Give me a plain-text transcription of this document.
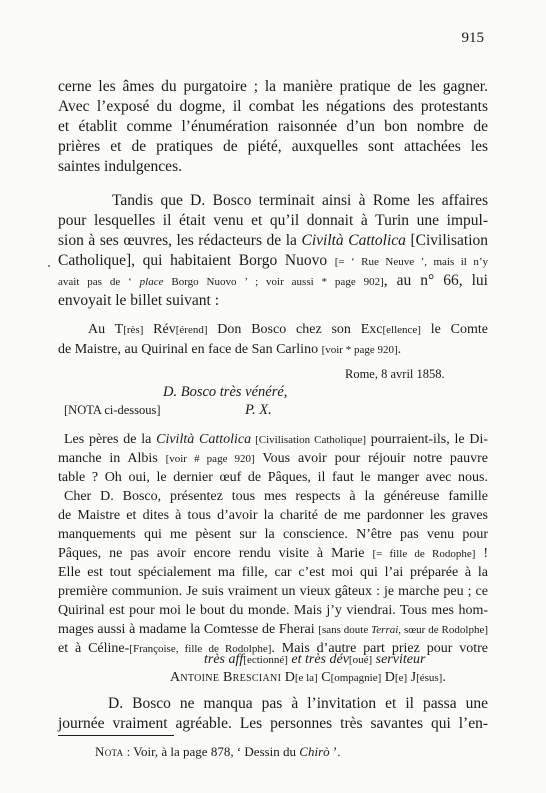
915
cerne les âmes du purgatoire ; la manière pratique de les gagner.
Avec l’exposé du dogme, il combat les négations des protestants
et établit comme l’énumération raisonnée d’un bon nombre de
prières et de pratiques de piété, auxquelles sont attachées les
saintes indulgences.
Tandis que D. Bosco terminait ainsi à Rome les affaires
pour lesquelles il était venu et qu’il donnait à Turin une impul-
sion à ses œuvres, les rédacteurs de la Civiltà Cattolica [Civilisation
Catholique], qui habitaient Borgo Nuovo [= ‘ Rue Neuve ’, mais il n’y
avait pas de ‘ place Borgo Nuovo ’ ; voir aussi * page 902], au n° 66, lui
envoyait le billet suivant :
Au T[rès] Rév[érend] Don Bosco chez son Exc[ellence] le Comte
de Maistre, au Quirinal en face de San Carlino [voir * page 920].
Rome, 8 avril 1858.
D. Bosco très vénéré,
[NOTA ci-dessous]	P. X.
Les pères de la Civiltà Cattolica [Civilisation Catholique] pourraient-ils, le Di-
manche in Albis [voir # page 920] Vous avoir pour réjouir notre pauvre
table ? Oh oui, le dernier œuf de Pâques, il faut le manger avec nous.
Cher D. Bosco, présentez tous mes respects à la généreuse famille
de Maistre et dites à tous d’avoir la charité de me pardonner les graves
manquements qui me pèsent sur la conscience. N’être pas venu pour
Pâques, ne pas avoir encore rendu visite à Marie [= fille de Rodophe] !
Elle est tout spécialement ma fille, car c’est moi qui l’ai préparée à la
première communion. Je suis vraiment un vieux gâteux : je marche peu ; ce
Quirinal est pour moi le bout du monde. Mais j’y viendrai. Tous mes hom-
mages aussi à madame la Comtesse de Fherai [sans doute Terrai, sœur de Rodolphe]
et à Céline-[Françoise, fille de Rodolphe]. Mais d’autre part priez pour votre
très aff[ectionné] et très dév[oué] serviteur
Antoine Bresciani D[e la] C[ompagnie] D[e] J[ésus].
D. Bosco ne manqua pas à l’invitation et il passa une
Nota : Voir, à la page 878, ‘ Dessin du Chirò ’.
journée vraiment agréable. Les personnes très savantes qui l’en-
